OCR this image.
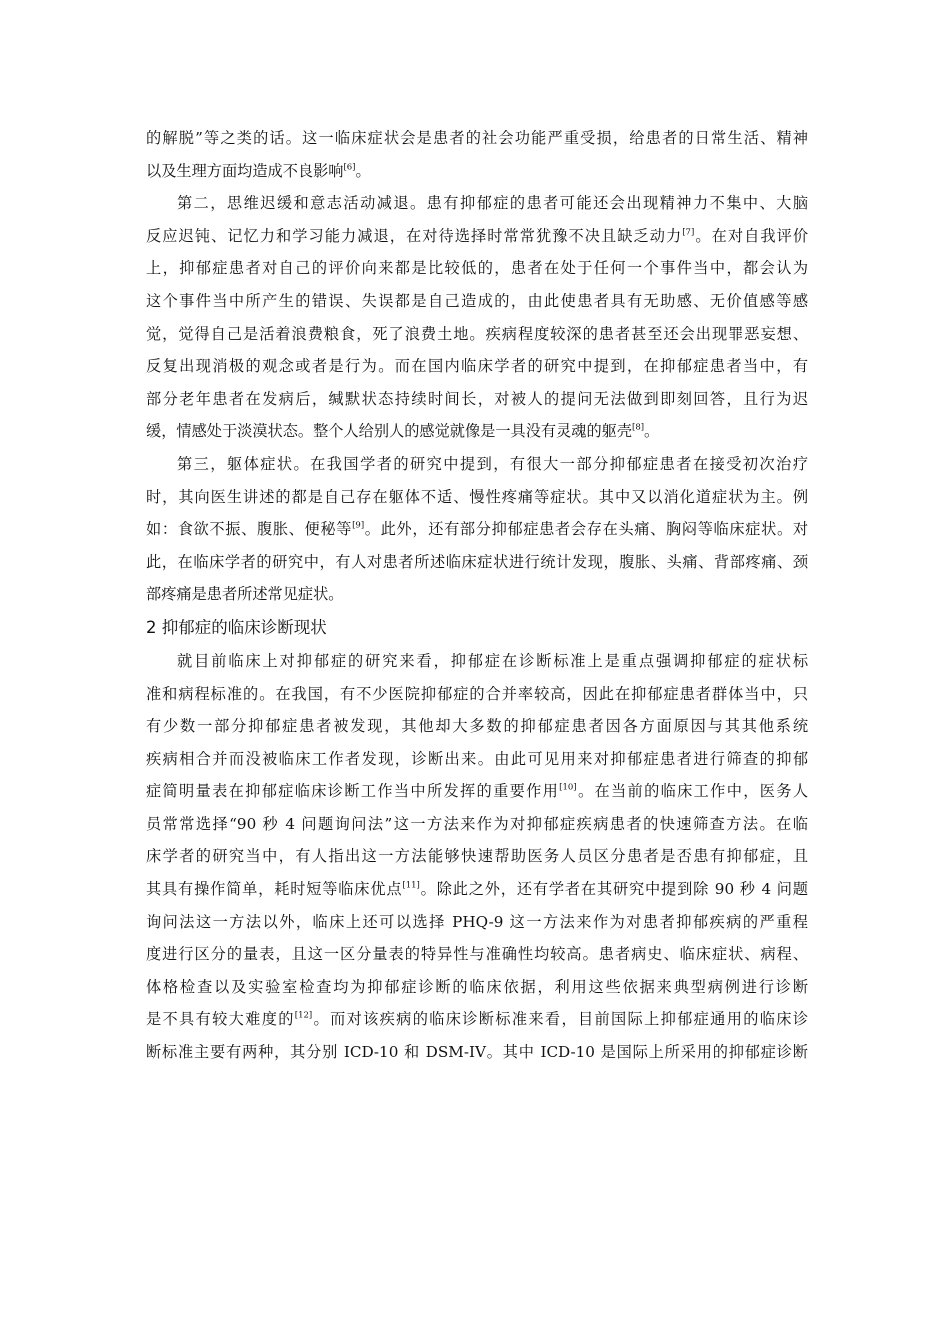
的解脱”等之类的话。这一临床症状会是患者的社会功能严重受损，给患者的日常生活、精神
以及生理方面均造成不良影响[6]。
第二，思维迟缓和意志活动减退。患有抑郁症的患者可能还会出现精神力不集中、大脑
反应迟钝、记忆力和学习能力减退，在对待选择时常常犹豫不决且缺乏动力[7]。在对自我评价
上，抑郁症患者对自己的评价向来都是比较低的，患者在处于任何一个事件当中，都会认为
这个事件当中所产生的错误、失误都是自己造成的，由此使患者具有无助感、无价值感等感
觉，觉得自己是活着浪费粮食，死了浪费土地。疾病程度较深的患者甚至还会出现罪恶妄想、
反复出现消极的观念或者是行为。而在国内临床学者的研究中提到，在抑郁症患者当中，有
部分老年患者在发病后，缄默状态持续时间长，对被人的提问无法做到即刻回答，且行为迟
缓，情感处于淡漠状态。整个人给别人的感觉就像是一具没有灵魂的躯壳[8]。
第三，躯体症状。在我国学者的研究中提到，有很大一部分抑郁症患者在接受初次治疗
时，其向医生讲述的都是自己存在躯体不适、慢性疼痛等症状。其中又以消化道症状为主。例
如：食欲不振、腹胀、便秘等[9]。此外，还有部分抑郁症患者会存在头痛、胸闷等临床症状。对
此，在临床学者的研究中，有人对患者所述临床症状进行统计发现，腹胀、头痛、背部疼痛、颈
部疼痛是患者所述常见症状。
2 抑郁症的临床诊断现状
就目前临床上对抑郁症的研究来看，抑郁症在诊断标准上是重点强调抑郁症的症状标
准和病程标准的。在我国，有不少医院抑郁症的合并率较高，因此在抑郁症患者群体当中，只
有少数一部分抑郁症患者被发现，其他却大多数的抑郁症患者因各方面原因与其其他系统
疾病相合并而没被临床工作者发现，诊断出来。由此可见用来对抑郁症患者进行筛查的抑郁
症简明量表在抑郁症临床诊断工作当中所发挥的重要作用[10]。在当前的临床工作中，医务人
员常常选择“90 秒 4 问题询问法”这一方法来作为对抑郁症疾病患者的快速筛查方法。在临
床学者的研究当中，有人指出这一方法能够快速帮助医务人员区分患者是否患有抑郁症，且
其具有操作简单，耗时短等临床优点[11]。除此之外，还有学者在其研究中提到除 90 秒 4 问题
询问法这一方法以外，临床上还可以选择 PHQ-9 这一方法来作为对患者抑郁疾病的严重程
度进行区分的量表，且这一区分量表的特异性与准确性均较高。患者病史、临床症状、病程、
体格检查以及实验室检查均为抑郁症诊断的临床依据，利用这些依据来典型病例进行诊断
是不具有较大难度的[12]。而对该疾病的临床诊断标准来看，目前国际上抑郁症通用的临床诊
断标准主要有两种，其分别 ICD-10 和 DSM-IV。其中 ICD-10 是国际上所采用的抑郁症诊断
